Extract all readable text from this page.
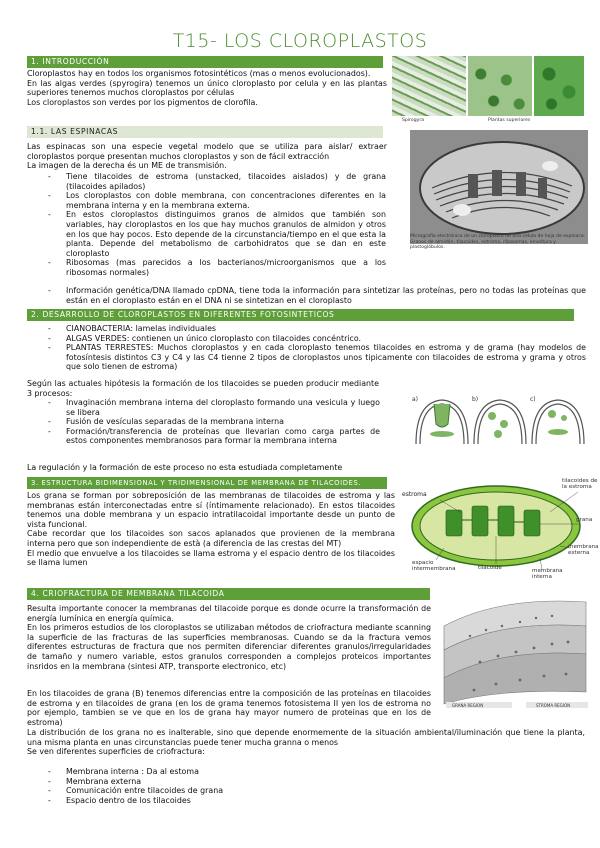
T15- LOS CLOROPLASTOS
1. INTRODUCCIÓN

Cloroplastos hay en todos los organismos fotosintéticos (mas o menos evolucionados).

En las algas verdes (spyrogira) tenemos un único cloroplasto por celula y en las plantas superiores tenemos muchos cloroplastos por células

Los cloroplastos son verdes por los pigmentos de clorofila.

Spirogyra	Plantas superiores
1.1. LAS ESPINACAS

Las espinacas son una especie vegetal modelo que se utiliza para aislar/ extraer cloroplastos porque presentan muchos cloroplastos y son de fácil extracción

La imagen de la derecha és un ME de transmisión.

- Tiene tilacoides de estroma (unstacked, tilacoides aislados) y de grana (tilacoides apilados)
- Los cloroplastos con doble membrana, con concentraciones diferentes en la membrana interna y en la membrana externa.
- En estos cloroplastos distinguimos granos de almidos que también son variables, hay cloroplastos en los que hay muchos granulos de almidon y otros en los que hay pocos. Esto depende de la circunstancia/tiempo en el que esta la planta. Depende del metabolismo de carbohidratos que se dan en este cloroplasto
- Ribosomas (mas parecidos a los bacterianos/microorganismos que a los ribosomas normales)
- Información genética/DNA llamado cpDNA, tiene toda la información para sintetizar las proteínas, pero no todas las proteínas que están en el cloroplasto están en el DNA ni se sintetizan en el cloroplasto
Micrografía electrónica de un cloroplasto de una célula de hoja de espinaca. Granos de almidón, tilacoides, estroma, ribosomas, envoltura y plastoglóbulos.
2. DESARROLLO DE CLOROPLASTOS EN DIFERENTES FOTOSINTETICOS
- CIANOBACTERIA: lamelas individuales
- ALGAS VERDES: contienen un único cloroplasto con tilacoides concéntrico.
- PLANTAS TERRESTES: Muchos cloroplastos y en cada cloroplasto tenemos tilacoides en estroma y de grama (hay modelos de fotosíntesis distintos C3 y C4 y las C4 tienne 2 tipos de cloroplastos unos tipicamente con tilacoides de estroma y grama y otros que solo tienen de estroma)
Según las actuales hipótesis la formación de los tilacoides se pueden producir mediante 3 procesos:
- Invaginación membrana interna del cloroplasto formando una vesicula y luego se libera
- Fusión de vesículas separadas de la membrana interna
- Formación/transferencia de proteínas que llevarian como carga partes de estos componentes membranosos para formar la membrana interna
La regulación y la formación de este proceso no esta estudiada completamente
a)	b)	c)
3. ESTRUCTURA BIDIMENSIONAL Y TRIDIMENSIONAL DE MEMBRANA DE TILACOIDES.

Los grana se forman por sobreposición de las membranas de tilacoides de estroma y las membranas están interconectadas entre sí (íntimamente relacionado). En estos tilacoides tenemos una doble membrana y un espacio intratilacoidal importante desde un punto de vista funcional.

Cabe recordar que los tilacoides son sacos aplanados que provienen de la membrana interna pero que son independiente de està (a diferencia de las crestas del MT)

El medio que envuelve a los tilacoides se llama estroma y el espacio dentro de los tilacoides se llama lumen

estroma
tilacoides de la estroma
grana
membrana externa
espacio intermembrana	tilacoide	membrana interna
4. CRIOFRACTURA DE MEMBRANA TILACOIDA

Resulta importante conocer la membranas del tilacoide porque es donde ocurre la transformación de energía lumínica en energía química.

En los primeros estudios de los cloroplastos se utilizaban métodos de criofractura mediante scanning la superficie de las fracturas de las superficies membranosas. Cuando se da la fractura vemos diferentes estructuras de fractura que nos permiten diferenciar diferentes granulos/irregularidades de tamaño y numero variable, estos granulos corresponden a complejos proteicos importantes insridos en la membrana (sintesi ATP, transporte electronico, etc)

En los tilacoides de grana (B) tenemos diferencias entre la composición de las proteínas en tilacoides de estroma y en tilacoides de grana (en los de grama tenemos fotosistema II yen los de estroma no por ejemplo, tambien se ve que en los de grana hay mayor numero de proteinas que en los de estroma)

La distribución de los grana no es inalterable, sino que depende enormemente de la situación ambiental/iluminación que tiene la planta, una misma planta en unas circunstancias puede tener mucha granna o menos

Se ven diferentes superficies de criofractura:

- Membrana interna : Da al estoma
- Membrana externa
- Comunicación entre tilacoides de grana
- Espacio dentro de los tilacoides
GRANA REGION	STROMA REGION
